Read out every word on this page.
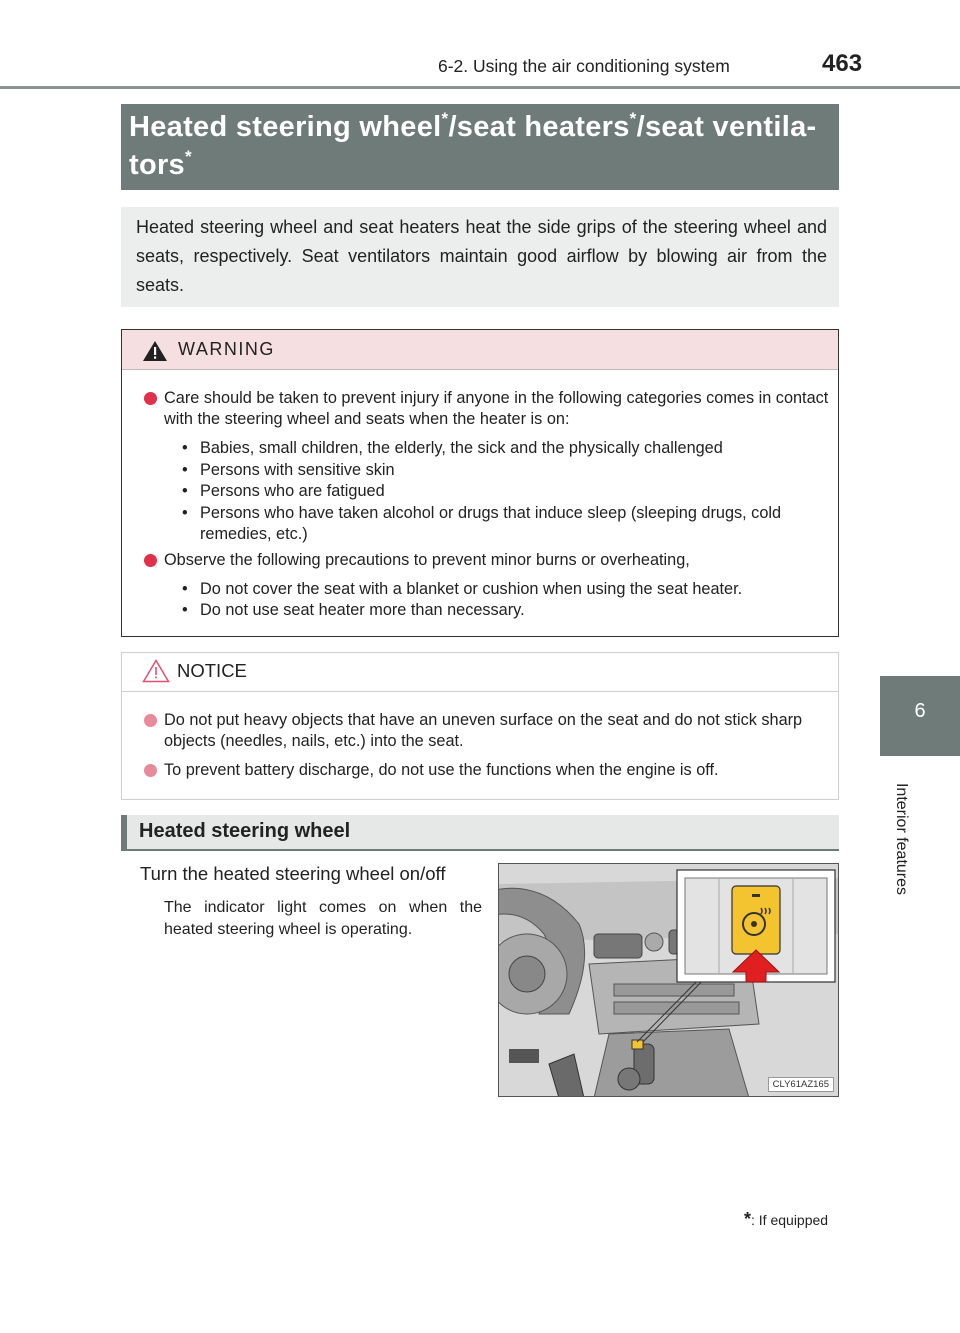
6-2. Using the air conditioning system	463
6
Interior features
Heated steering wheel*/seat heaters*/seat ventila-
tors*

Heated steering wheel and seat heaters heat the side grips of the steering wheel and seats, respectively. Seat ventilators maintain good airflow by blowing air from the seats.

WARNING
Care should be taken to prevent injury if anyone in the following categories comes in contact with the steering wheel and seats when the heater is on:
• Babies, small children, the elderly, the sick and the physically challenged
• Persons with sensitive skin
• Persons who are fatigued
• Persons who have taken alcohol or drugs that induce sleep (sleeping drugs, cold remedies, etc.)
Observe the following precautions to prevent minor burns or overheating,
• Do not cover the seat with a blanket or cushion when using the seat heater.
• Do not use seat heater more than necessary.
NOTICE
Do not put heavy objects that have an uneven surface on the seat and do not stick sharp objects (needles, nails, etc.) into the seat.
To prevent battery discharge, do not use the functions when the engine is off.
Heated steering wheel
Turn the heated steering wheel on/off
The indicator light comes on when the heated steering wheel is operating.
CLY61AZ165
*: If equipped
